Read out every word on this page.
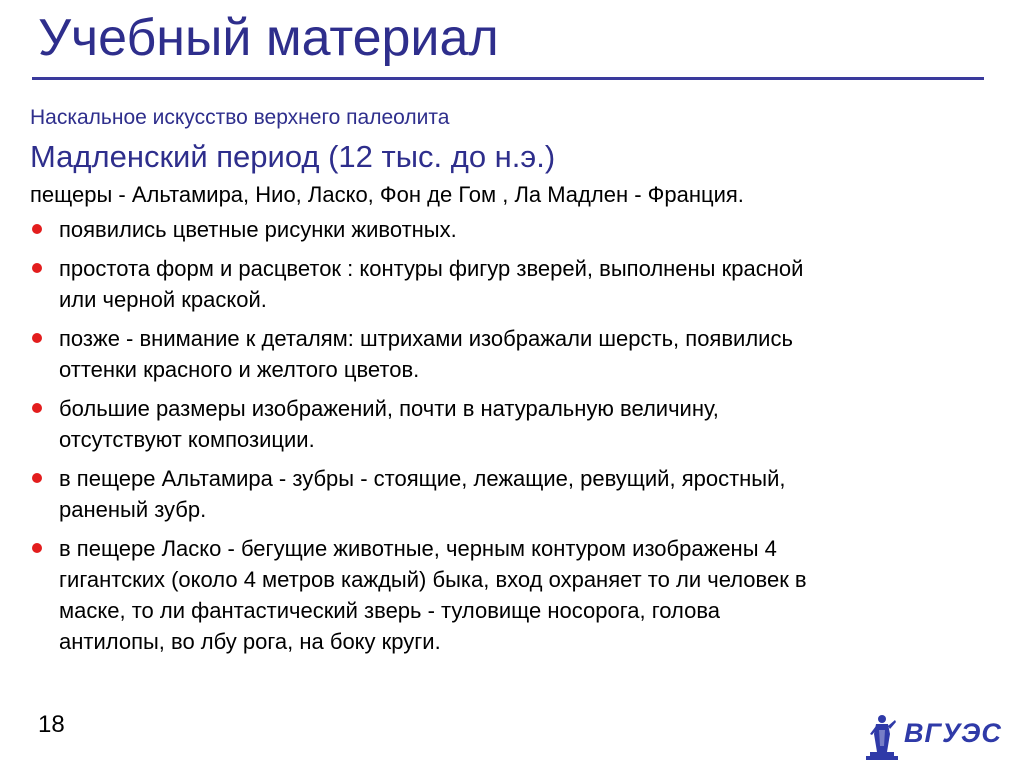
Учебный материал
Наскальное искусство верхнего палеолита
Мадленский период (12 тыс. до н.э.)
пещеры - Альтамира, Нио, Ласко, Фон де Гом , Ла Мадлен - Франция.
появились цветные рисунки животных.
простота форм и расцветок : контуры фигур зверей, выполнены красной
или черной краской.
позже - внимание к деталям: штрихами изображали шерсть, появились
оттенки красного и желтого цветов.
большие размеры изображений, почти в натуральную величину,
отсутствуют композиции.
в пещере Альтамира - зубры - стоящие, лежащие, ревущий, яростный,
раненый зубр.
в пещере Ласко - бегущие животные, черным контуром изображены 4
гигантских (около 4 метров каждый) быка, вход охраняет то ли человек в
маске, то ли фантастический зверь - туловище носорога, голова
антилопы, во лбу рога, на боку круги.
18	ВГУЭС
